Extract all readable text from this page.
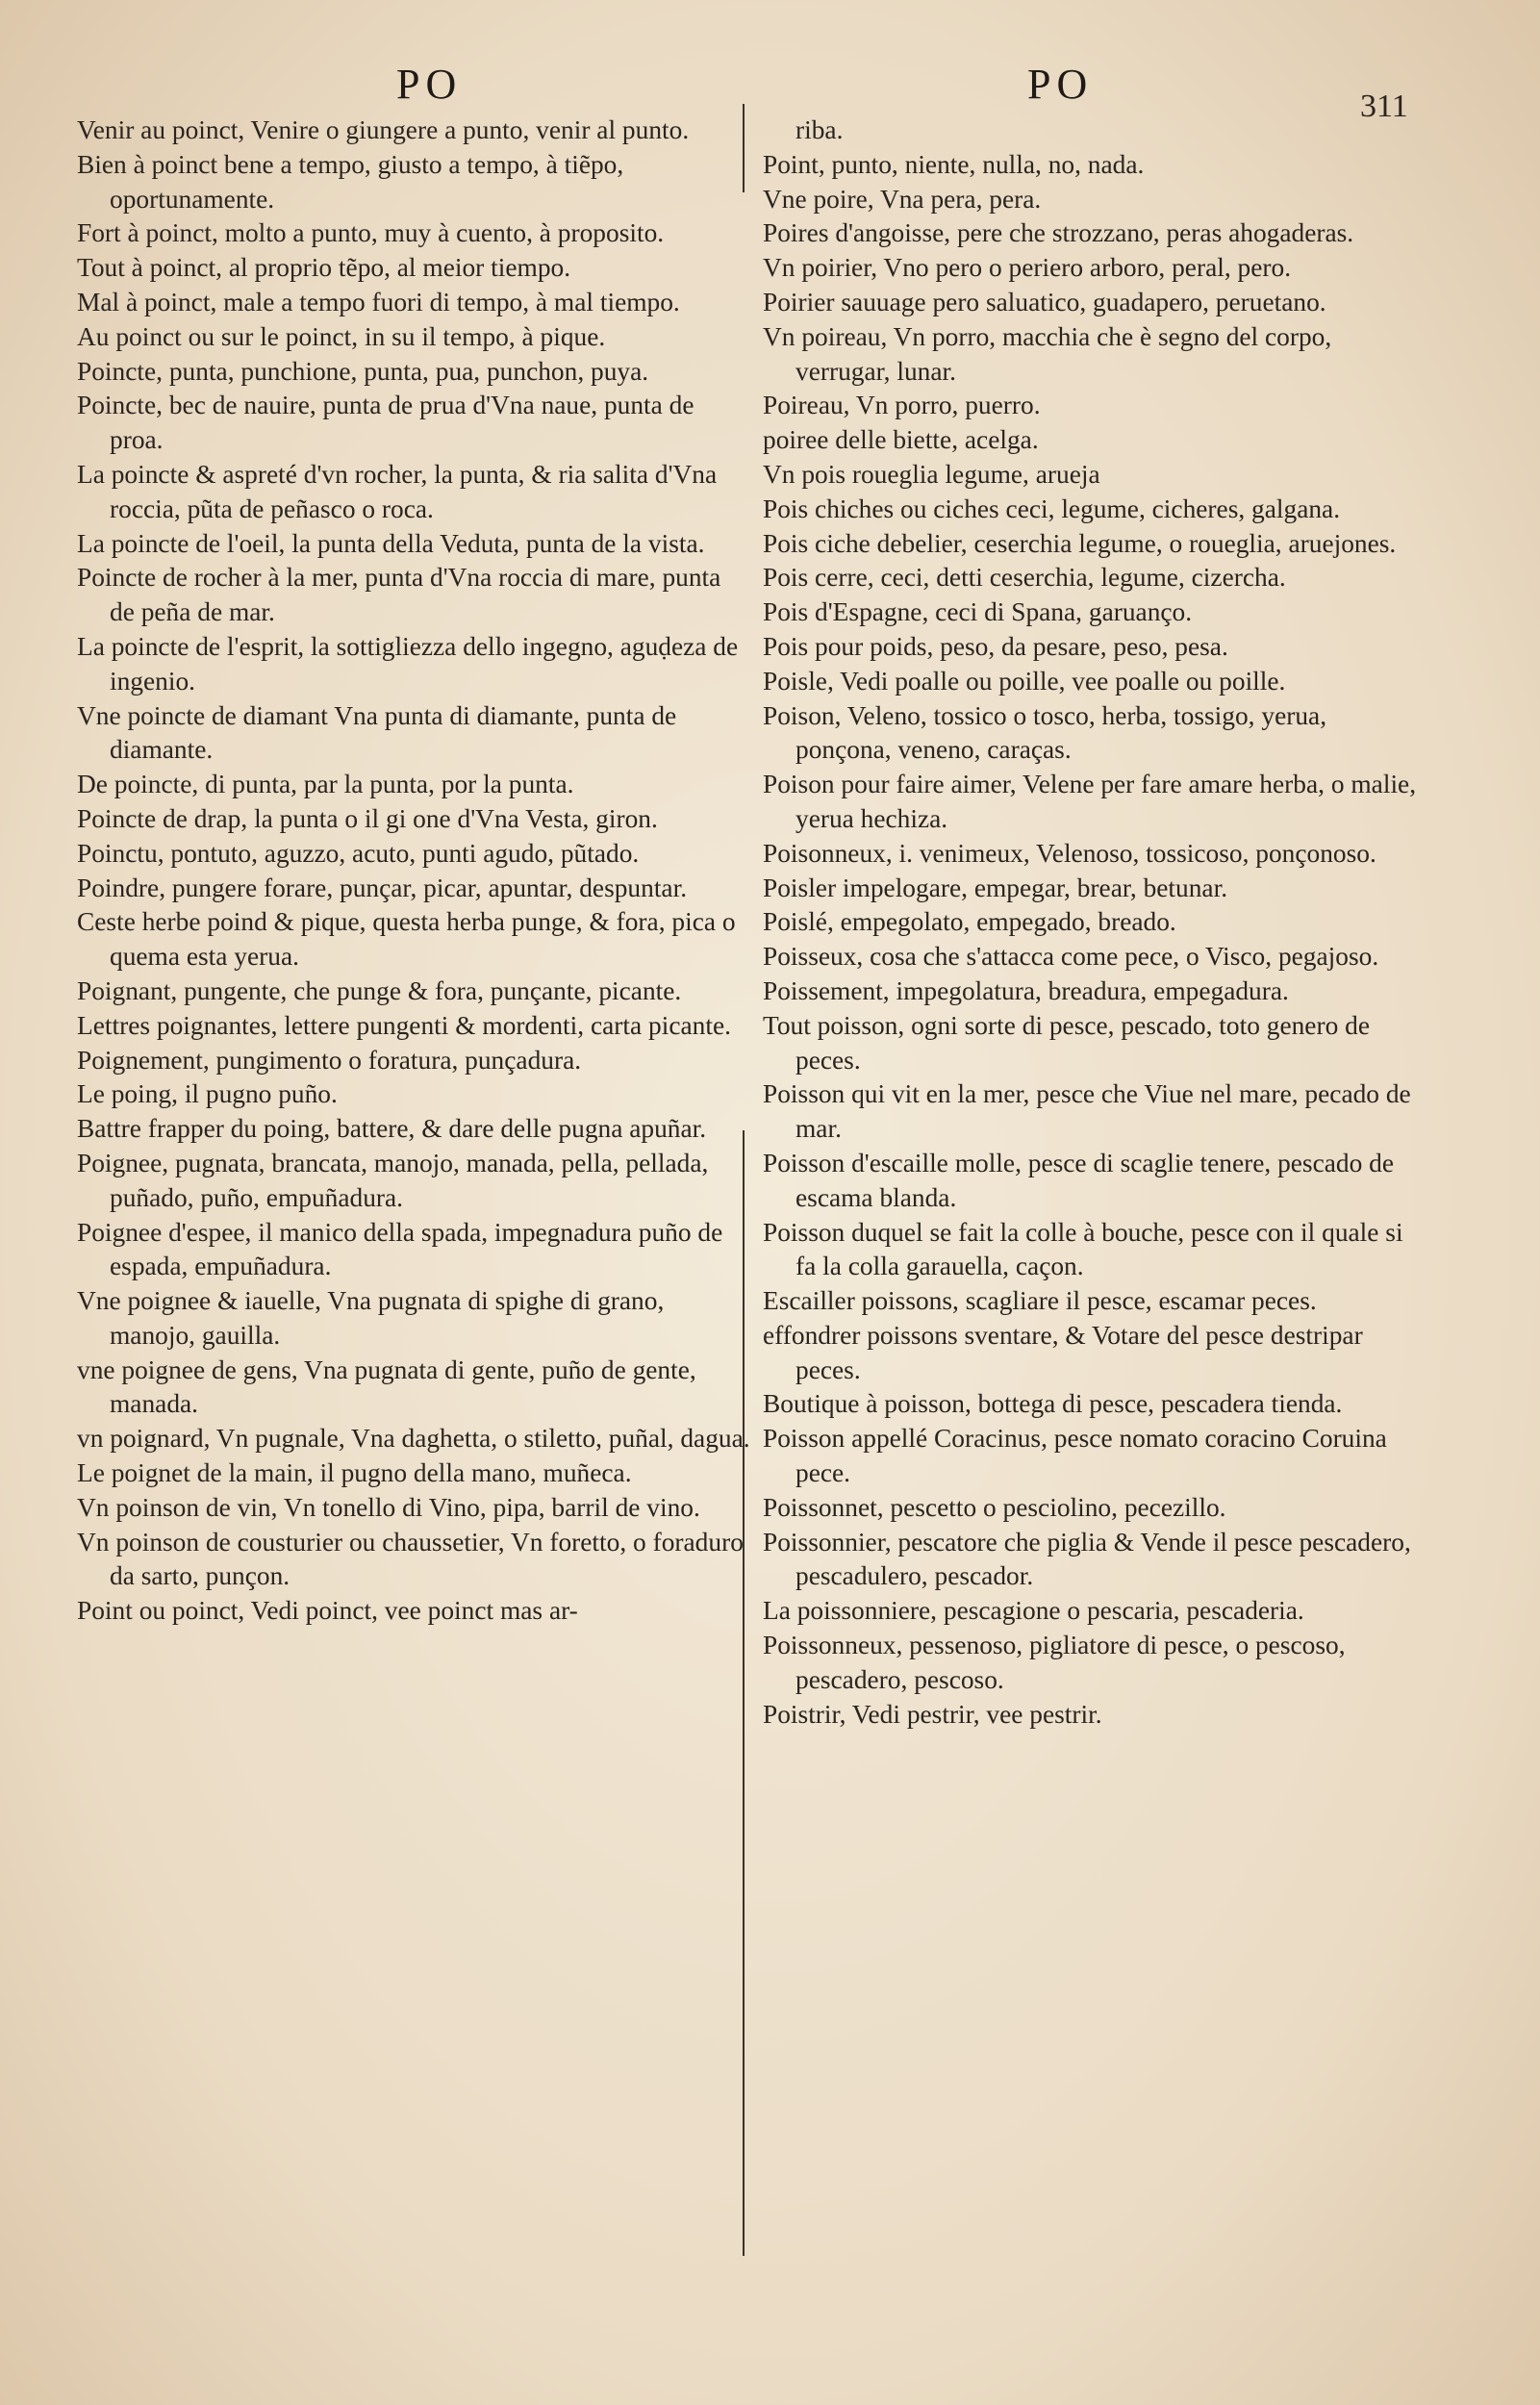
PO	PO	311
Venir au poinct, Venire o giungere a punto, venir al punto.
Bien à poinct bene a tempo, giusto a tempo, à tiẽpo, oportunamente.
Fort à poinct, molto a punto, muy à cuento, à proposito.
Tout à poinct, al proprio tẽpo, al meior tiempo.
Mal à poinct, male a tempo fuori di tempo, à mal tiempo.
Au poinct ou sur le poinct, in su il tempo, à pique.
Poincte, punta, punchione, punta, pua, punchon, puya.
Poincte, bec de nauire, punta de prua d'Vna naue, punta de proa.
La poincte & aspreté d'vn rocher, la punta, & ria salita d'Vna roccia, pũta de peñasco o roca.
La poincte de l'oeil, la punta della Veduta, punta de la vista.
Poincte de rocher à la mer, punta d'Vna roccia di mare, punta de peña de mar.
La poincte de l'esprit, la sottigliezza dello ingegno, aguḍeza de ingenio.
Vne poincte de diamant Vna punta di diamante, punta de diamante.
De poincte, di punta, par la punta, por la punta.
Poincte de drap, la punta o il gi one d'Vna Vesta, giron.
Poinctu, pontuto, aguzzo, acuto, punti agudo, pũtado.
Poindre, pungere forare, punçar, picar, apuntar, despuntar.
Ceste herbe poind & pique, questa herba punge, & fora, pica o quema esta yerua.
Poignant, pungente, che punge & fora, punçante, picante.
Lettres poignantes, lettere pungenti & mordenti, carta picante.
Poignement, pungimento o foratura, punçadura.
Le poing, il pugno puño.
Battre frapper du poing, battere, & dare delle pugna apuñar.
Poignee, pugnata, brancata, manojo, manada, pella, pellada, puñado, puño, empuñadura.
Poignee d'espee, il manico della spada, impegnadura puño de espada, empuñadura.
Vne poignee & iauelle, Vna pugnata di spighe di grano, manojo, gauilla.
vne poignee de gens, Vna pugnata di gente, puño de gente, manada.
vn poignard, Vn pugnale, Vna daghetta, o stiletto, puñal, dagua.
Le poignet de la main, il pugno della mano, muñeca.
Vn poinson de vin, Vn tonello di Vino, pipa, barril de vino.
Vn poinson de cousturier ou chaussetier, Vn foretto, o foraduro da sarto, punçon.
Point ou poinct, Vedi poinct, vee poinct mas ar-
riba.
Point, punto, niente, nulla, no, nada.
Vne poire, Vna pera, pera.
Poires d'angoisse, pere che strozzano, peras ahogaderas.
Vn poirier, Vno pero o periero arboro, peral, pero.
Poirier sauuage pero saluatico, guadapero, peruetano.
Vn poireau, Vn porro, macchia che è segno del corpo, verrugar, lunar.
Poireau, Vn porro, puerro.
poiree delle biette, acelga.
Vn pois roueglia legume, arueja
Pois chiches ou ciches ceci, legume, cicheres, galgana.
Pois ciche debelier, ceserchia legume, o roueglia, aruejones.
Pois cerre, ceci, detti ceserchia, legume, cizercha.
Pois d'Espagne, ceci di Spana, garuanço.
Pois pour poids, peso, da pesare, peso, pesa.
Poisle, Vedi poalle ou poille, vee poalle ou poille.
Poison, Veleno, tossico o tosco, herba, tossigo, yerua, ponçona, veneno, caraças.
Poison pour faire aimer, Velene per fare amare herba, o malie, yerua hechiza.
Poisonneux, i. venimeux, Velenoso, tossicoso, ponçonoso.
Poisler impelogare, empegar, brear, betunar.
Poislé, empegolato, empegado, breado.
Poisseux, cosa che s'attacca come pece, o Visco, pegajoso.
Poissement, impegolatura, breadura, empegadura.
Tout poisson, ogni sorte di pesce, pescado, toto genero de peces.
Poisson qui vit en la mer, pesce che Viue nel mare, pecado de mar.
Poisson d'escaille molle, pesce di scaglie tenere, pescado de escama blanda.
Poisson duquel se fait la colle à bouche, pesce con il quale si fa la colla garauella, caçon.
Escailler poissons, scagliare il pesce, escamar peces.
effondrer poissons sventare, & Votare del pesce destripar peces.
Boutique à poisson, bottega di pesce, pescadera tienda.
Poisson appellé Coracinus, pesce nomato coracino Coruina pece.
Poissonnet, pescetto o pesciolino, pecezillo.
Poissonnier, pescatore che piglia & Vende il pesce pescadero, pescadulero, pescador.
La poissonniere, pescagione o pescaria, pescaderia.
Poissonneux, pessenoso, pigliatore di pesce, o pescoso, pescadero, pescoso.
Poistrir, Vedi pestrir, vee pestrir.
